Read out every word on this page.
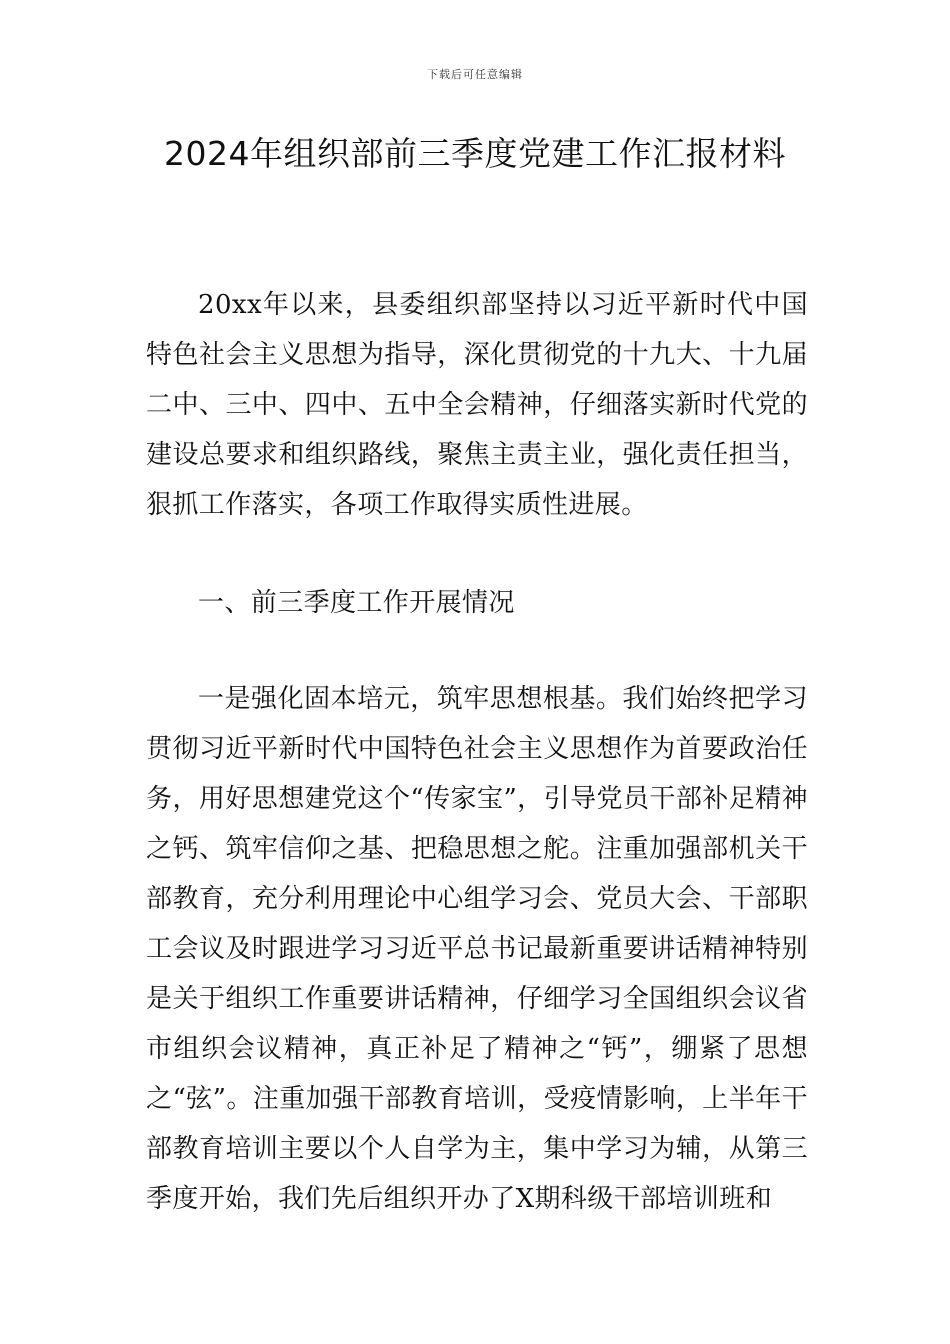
下载后可任意编辑
2024年组织部前三季度党建工作汇报材料

20xx年以来，县委组织部坚持以习近平新时代中国特色社会主义思想为指导，深化贯彻党的十九大、十九届二中、三中、四中、五中全会精神，仔细落实新时代党的建设总要求和组织路线，聚焦主责主业，强化责任担当，狠抓工作落实，各项工作取得实质性进展。

一、前三季度工作开展情况

一是强化固本培元，筑牢思想根基。我们始终把学习贯彻习近平新时代中国特色社会主义思想作为首要政治任务，用好思想建党这个“传家宝”，引导党员干部补足精神之钙、筑牢信仰之基、把稳思想之舵。注重加强部机关干部教育，充分利用理论中心组学习会、党员大会、干部职工会议及时跟进学习习近平总书记最新重要讲话精神特别是关于组织工作重要讲话精神，仔细学习全国组织会议省市组织会议精神，真正补足了精神之“钙”，绷紧了思想之“弦”。注重加强干部教育培训，受疫情影响，上半年干部教育培训主要以个人自学为主，集中学习为辅，从第三季度开始，我们先后组织开办了X期科级干部培训班和
